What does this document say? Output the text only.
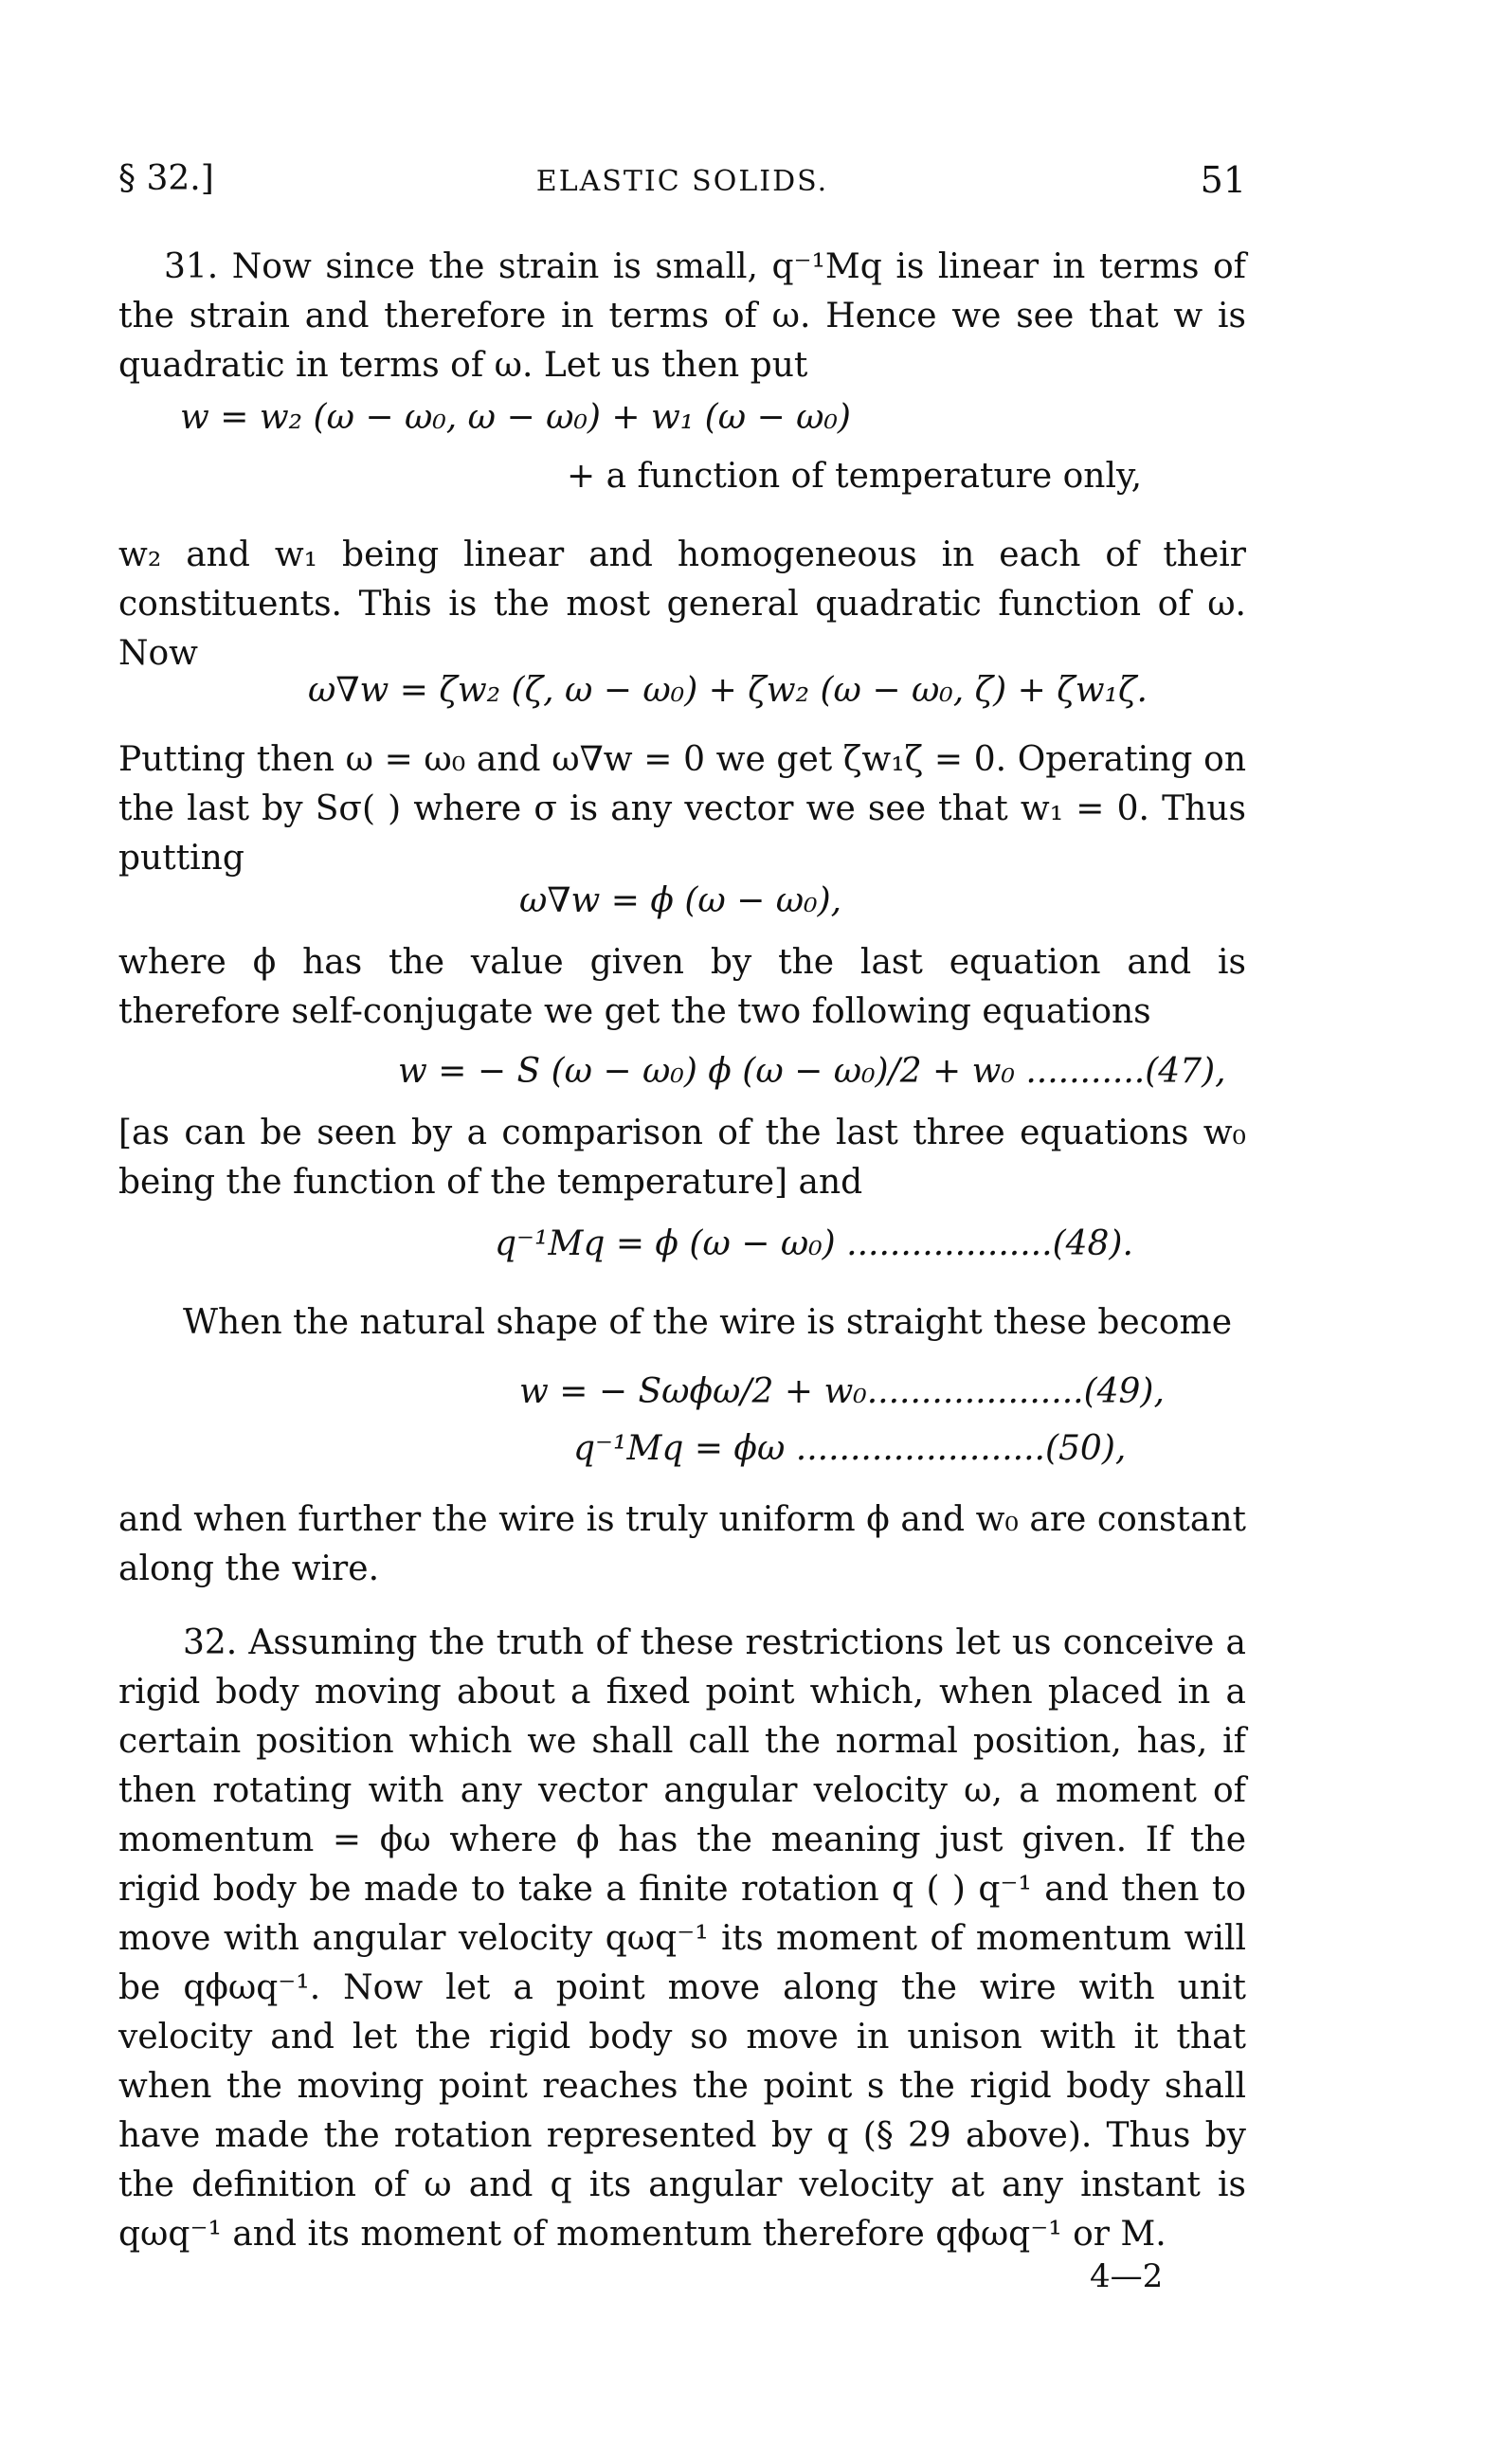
§ 32.]	ELASTIC SOLIDS.	51

31. Now since the strain is small, q⁻¹Mq is linear in terms of the strain and therefore in terms of ω. Hence we see that w is quadratic in terms of ω. Let us then put

w = w₂ (ω − ω₀, ω − ω₀) + w₁ (ω − ω₀)

+ a function of temperature only,

w₂ and w₁ being linear and homogeneous in each of their constituents. This is the most general quadratic function of ω. Now

ω∇w = ζw₂ (ζ, ω − ω₀) + ζw₂ (ω − ω₀, ζ) + ζw₁ζ.

Putting then ω = ω₀ and ω∇w = 0 we get ζw₁ζ = 0. Operating on the last by Sσ( ) where σ is any vector we see that w₁ = 0. Thus putting

ω∇w = ϕ (ω − ω₀),

where ϕ has the value given by the last equation and is therefore self-conjugate we get the two following equations

w = − S (ω − ω₀) ϕ (ω − ω₀)/2 + w₀ ...........(47),

[as can be seen by a comparison of the last three equations w₀ being the function of the temperature] and

q⁻¹Mq = ϕ (ω − ω₀) ...................(48).

When the natural shape of the wire is straight these become

w = − Sωϕω/2 + w₀....................(49),

q⁻¹Mq = ϕω .......................(50),

and when further the wire is truly uniform ϕ and w₀ are constant along the wire.

32. Assuming the truth of these restrictions let us conceive a rigid body moving about a fixed point which, when placed in a certain position which we shall call the normal position, has, if then rotating with any vector angular velocity ω, a moment of momentum = ϕω where ϕ has the meaning just given. If the rigid body be made to take a finite rotation q ( ) q⁻¹ and then to move with angular velocity qωq⁻¹ its moment of momentum will be qϕωq⁻¹. Now let a point move along the wire with unit velocity and let the rigid body so move in unison with it that when the moving point reaches the point s the rigid body shall have made the rotation represented by q (§ 29 above). Thus by the definition of ω and q its angular velocity at any instant is qωq⁻¹ and its moment of momentum therefore qϕωq⁻¹ or M.

4—2
